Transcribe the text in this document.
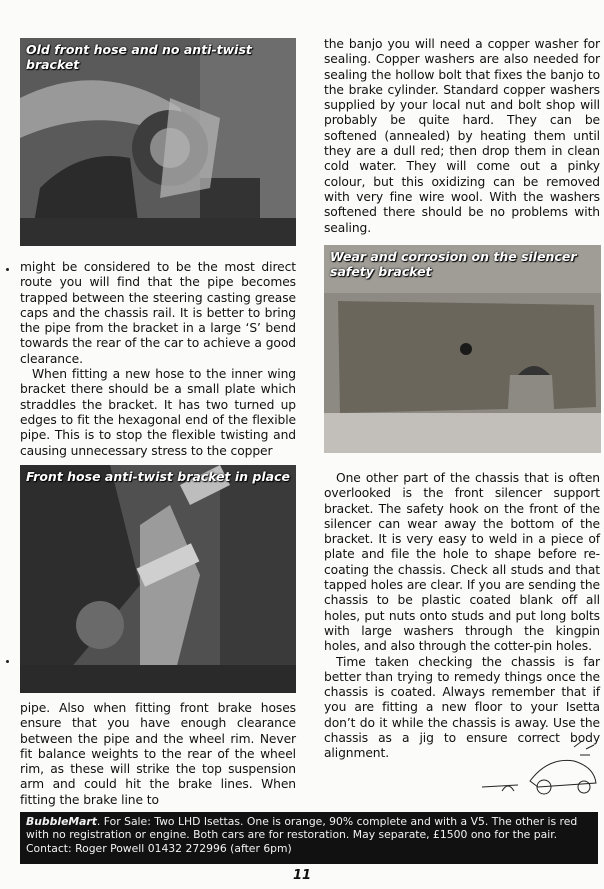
Old front hose and no anti-twist bracket
Wear and corrosion on the silencer safety bracket
Front hose anti-twist bracket in place

might be considered to be the most direct route you will find that the pipe becomes trapped between the steering casting grease caps and the chassis rail. It is better to bring the pipe from the bracket in a large ‘S’ bend towards the rear of the car to achieve a good clearance.

When fitting a new hose to the inner wing bracket there should be a small plate which straddles the bracket. It has two turned up edges to fit the hexagonal end of the flexible pipe. This is to stop the flexible twisting and causing unnecessary stress to the copper

pipe. Also when fitting front brake hoses ensure that you have enough clearance between the pipe and the wheel rim. Never fit balance weights to the rear of the wheel rim, as these will strike the top suspension arm and could hit the brake lines. When fitting the brake line to

the banjo you will need a copper washer for sealing. Copper washers are also needed for sealing the hollow bolt that fixes the banjo to the brake cylinder. Standard copper washers supplied by your local nut and bolt shop will probably be quite hard. They can be softened (annealed) by heating them until they are a dull red; then drop them in clean cold water. They will come out a pinky colour, but this oxidizing can be removed with very fine wire wool. With the washers softened there should be no problems with sealing.

One other part of the chassis that is often overlooked is the front silencer support bracket. The safety hook on the front of the silencer can wear away the bottom of the bracket. It is very easy to weld in a piece of plate and file the hole to shape before re-coating the chassis. Check all studs and that tapped holes are clear. If you are sending the chassis to be plastic coated blank off all holes, put nuts onto studs and put long bolts with large washers through the kingpin holes, and also through the cotter-pin holes.

Time taken checking the chassis is far better than trying to remedy things once the chassis is coated. Always remember that if you are fitting a new floor to your Isetta don’t do it while the chassis is away. Use the chassis as a jig to ensure correct body alignment.

BubbleMart. For Sale: Two LHD Isettas. One is orange, 90% complete and with a V5. The other is red with no registration or engine. Both cars are for restoration. May separate, £1500 ono for the pair.
Contact: Roger Powell 01432 272996 (after 6pm)
11
